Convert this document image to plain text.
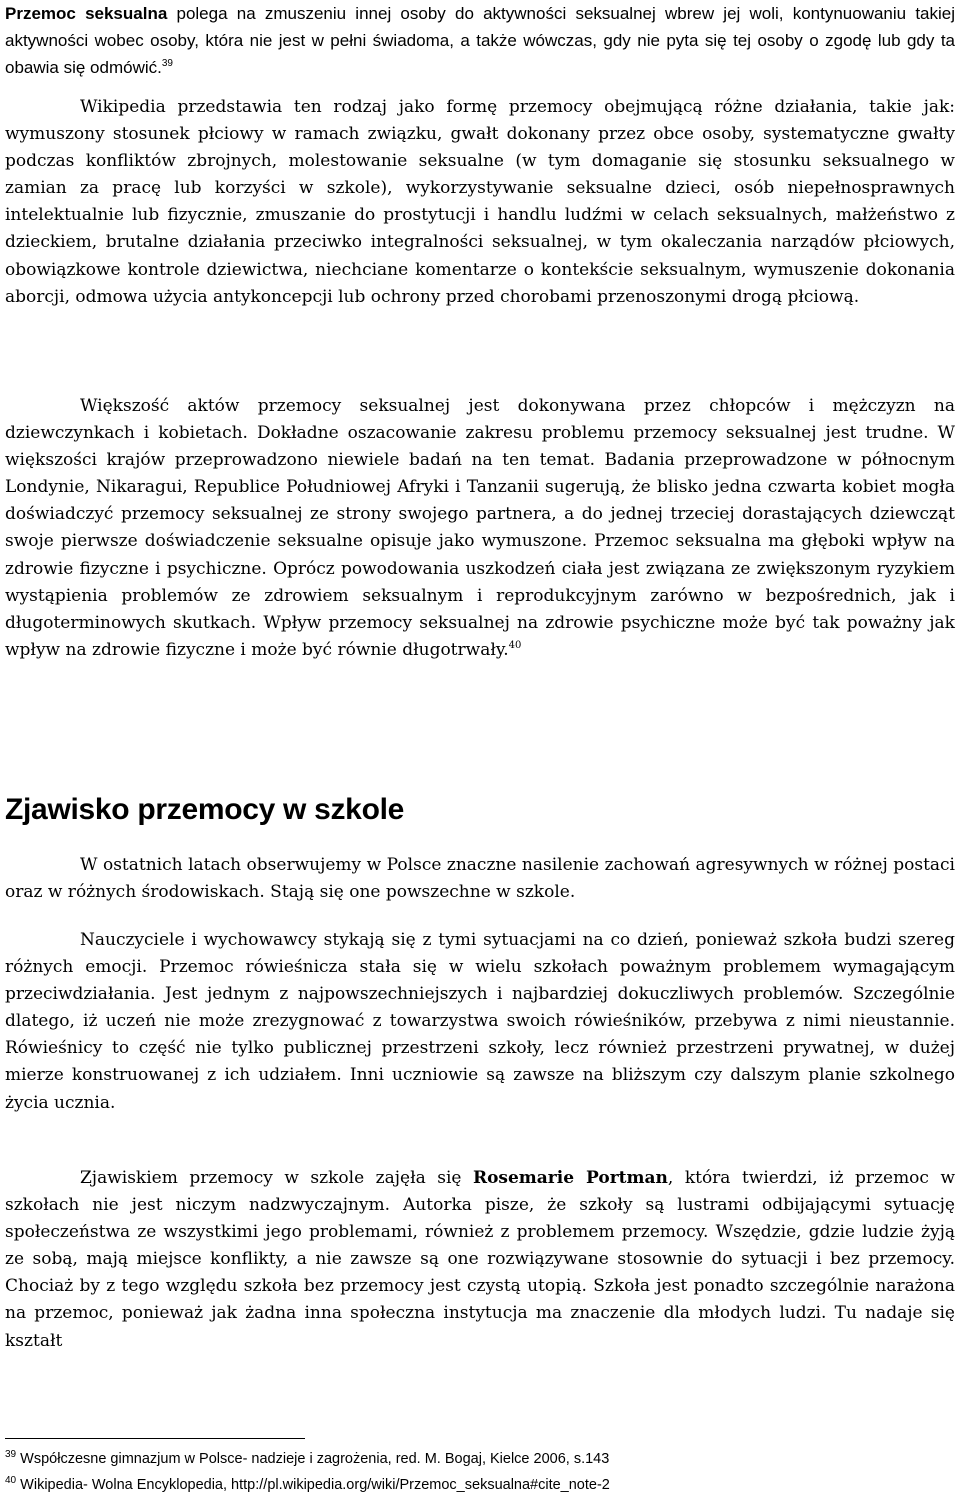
Przemoc seksualna polega na zmuszeniu innej osoby do aktywności seksualnej wbrew jej woli, kontynuowaniu takiej aktywności wobec osoby, która nie jest w pełni świadoma, a także wówczas, gdy nie pyta się tej osoby o zgodę lub gdy ta obawia się odmówić.$^{39}$

Wikipedia przedstawia ten rodzaj jako formę przemocy obejmującą różne działania, takie jak: wymuszony stosunek płciowy w ramach związku, gwałt dokonany przez obce osoby, systematyczne gwałty podczas konfliktów zbrojnych, molestowanie seksualne (w tym domaganie się stosunku seksualnego w zamian za pracę lub korzyści w szkole), wykorzystywanie seksualne dzieci, osób niepełnosprawnych intelektualnie lub fizycznie, zmuszanie do prostytucji i handlu ludźmi w celach seksualnych, małżeństwo z dzieckiem, brutalne działania przeciwko integralności seksualnej, w tym okaleczania narządów płciowych, obowiązkowe kontrole dziewictwa, niechciane komentarze o kontekście seksualnym, wymuszenie dokonania aborcji, odmowa użycia antykoncepcji lub ochrony przed chorobami przenoszonymi drogą płciową.

Większość aktów przemocy seksualnej jest dokonywana przez chłopców i mężczyzn na dziewczynkach i kobietach. Dokładne oszacowanie zakresu problemu przemocy seksualnej jest trudne. W większości krajów przeprowadzono niewiele badań na ten temat. Badania przeprowadzone w północnym Londynie, Nikaragui, Republice Południowej Afryki i Tanzanii sugerują, że blisko jedna czwarta kobiet mogła doświadczyć przemocy seksualnej ze strony swojego partnera, a do jednej trzeciej dorastających dziewcząt swoje pierwsze doświadczenie seksualne opisuje jako wymuszone. Przemoc seksualna ma głęboki wpływ na zdrowie fizyczne i psychiczne. Oprócz powodowania uszkodzeń ciała jest związana ze zwiększonym ryzykiem wystąpienia problemów ze zdrowiem seksualnym i reprodukcyjnym zarówno w bezpośrednich, jak i długoterminowych skutkach. Wpływ przemocy seksualnej na zdrowie psychiczne może być tak poważny jak wpływ na zdrowie fizyczne i może być równie długotrwały.$^{40}$

Zjawisko przemocy w szkole

W ostatnich latach obserwujemy w Polsce znaczne nasilenie zachowań agresywnych w różnej postaci oraz w różnych środowiskach. Stają się one powszechne w szkole.

Nauczyciele i wychowawcy stykają się z tymi sytuacjami na co dzień, ponieważ szkoła budzi szereg różnych emocji. Przemoc rówieśnicza stała się w wielu szkołach poważnym problemem wymagającym przeciwdziałania. Jest jednym z najpowszechniejszych i najbardziej dokuczliwych problemów. Szczególnie dlatego, iż uczeń nie może zrezygnować z towarzystwa swoich rówieśników, przebywa z nimi nieustannie. Rówieśnicy to część nie tylko publicznej przestrzeni szkoły, lecz również przestrzeni prywatnej, w dużej mierze konstruowanej z ich udziałem. Inni uczniowie są zawsze na bliższym czy dalszym planie szkolnego życia ucznia.

Zjawiskiem przemocy w szkole zajęła się Rosemarie Portman, która twierdzi, iż przemoc w szkołach nie jest niczym nadzwyczajnym. Autorka pisze, że szkoły są lustrami odbijającymi sytuację społeczeństwa ze wszystkimi jego problemami, również z problemem przemocy. Wszędzie, gdzie ludzie żyją ze sobą, mają miejsce konflikty, a nie zawsze są one rozwiązywane stosownie do sytuacji i bez przemocy. Chociaż by z tego względu szkoła bez przemocy jest czystą utopią. Szkoła jest ponadto szczególnie narażona na przemoc, ponieważ jak żadna inna społeczna instytucja ma znaczenie dla młodych ludzi. Tu nadaje się kształt

$^{39}$ Współczesne gimnazjum w Polsce- nadzieje i zagrożenia, red. M. Bogaj, Kielce 2006, s.143
$^{40}$ Wikipedia- Wolna Encyklopedia, http://pl.wikipedia.org/wiki/Przemoc_seksualna#cite_note-2
